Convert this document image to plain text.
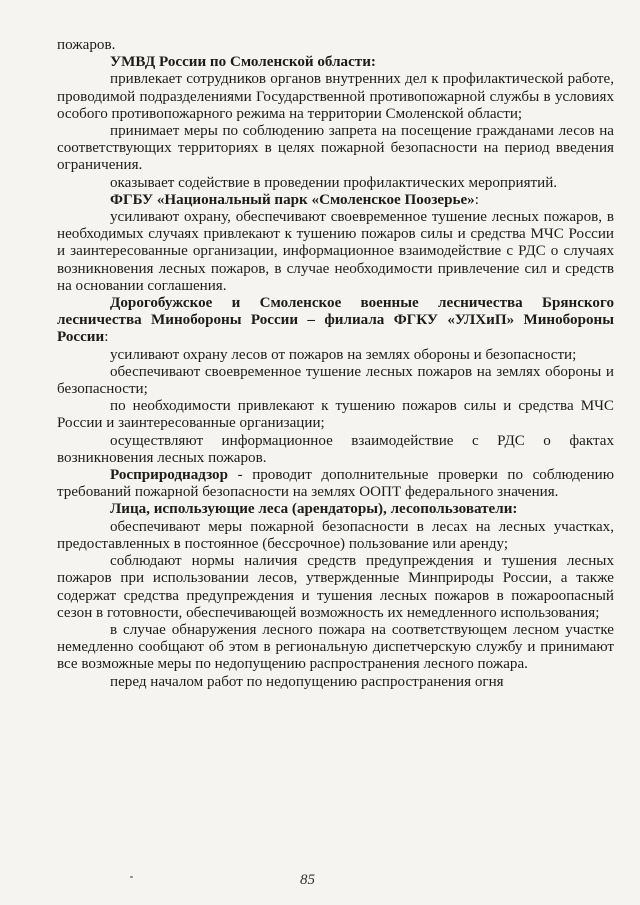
пожаров.

УМВД России по Смоленской области:

привлекает сотрудников органов внутренних дел к профилактической работе, проводимой подразделениями Государственной противопожарной службы в условиях особого противопожарного режима на территории Смоленской области;

принимает меры по соблюдению запрета на посещение гражданами лесов на соответствующих территориях в целях пожарной безопасности на период введения ограничения.

оказывает содействие в проведении профилактических мероприятий.

ФГБУ «Национальный парк «Смоленское Поозерье»:

усиливают охрану, обеспечивают своевременное тушение лесных пожаров, в необходимых случаях привлекают к тушению пожаров силы и средства МЧС России и заинтересованные организации, информационное взаимодействие с РДС о случаях возникновения лесных пожаров, в случае необходимости привлечение сил и средств на основании соглашения.

Дорогобужское и Смоленское военные лесничества Брянского лесничества Минобороны России – филиала ФГКУ «УЛХиП» Минобороны России:

усиливают охрану лесов от пожаров на землях обороны и безопасности;

обеспечивают своевременное тушение лесных пожаров на землях обороны и безопасности;

по необходимости привлекают к тушению пожаров силы и средства МЧС России и заинтересованные организации;

осуществляют информационное взаимодействие с РДС о фактах возникновения лесных пожаров.

Росприроднадзор - проводит дополнительные проверки по соблюдению требований пожарной безопасности на землях ООПТ федерального значения.

Лица, использующие леса (арендаторы), лесопользователи:

обеспечивают меры пожарной безопасности в лесах на лесных участках, предоставленных в постоянное (бессрочное) пользование или аренду;

соблюдают нормы наличия средств предупреждения и тушения лесных пожаров при использовании лесов, утвержденные Минприроды России, а также содержат средства предупреждения и тушения лесных пожаров в пожароопасный сезон в готовности, обеспечивающей возможность их немедленного использования;

в случае обнаружения лесного пожара на соответствующем лесном участке немедленно сообщают об этом в региональную диспетчерскую службу и принимают все возможные меры по недопущению распространения лесного пожара.

перед началом работ по недопущению распространения огня

85
